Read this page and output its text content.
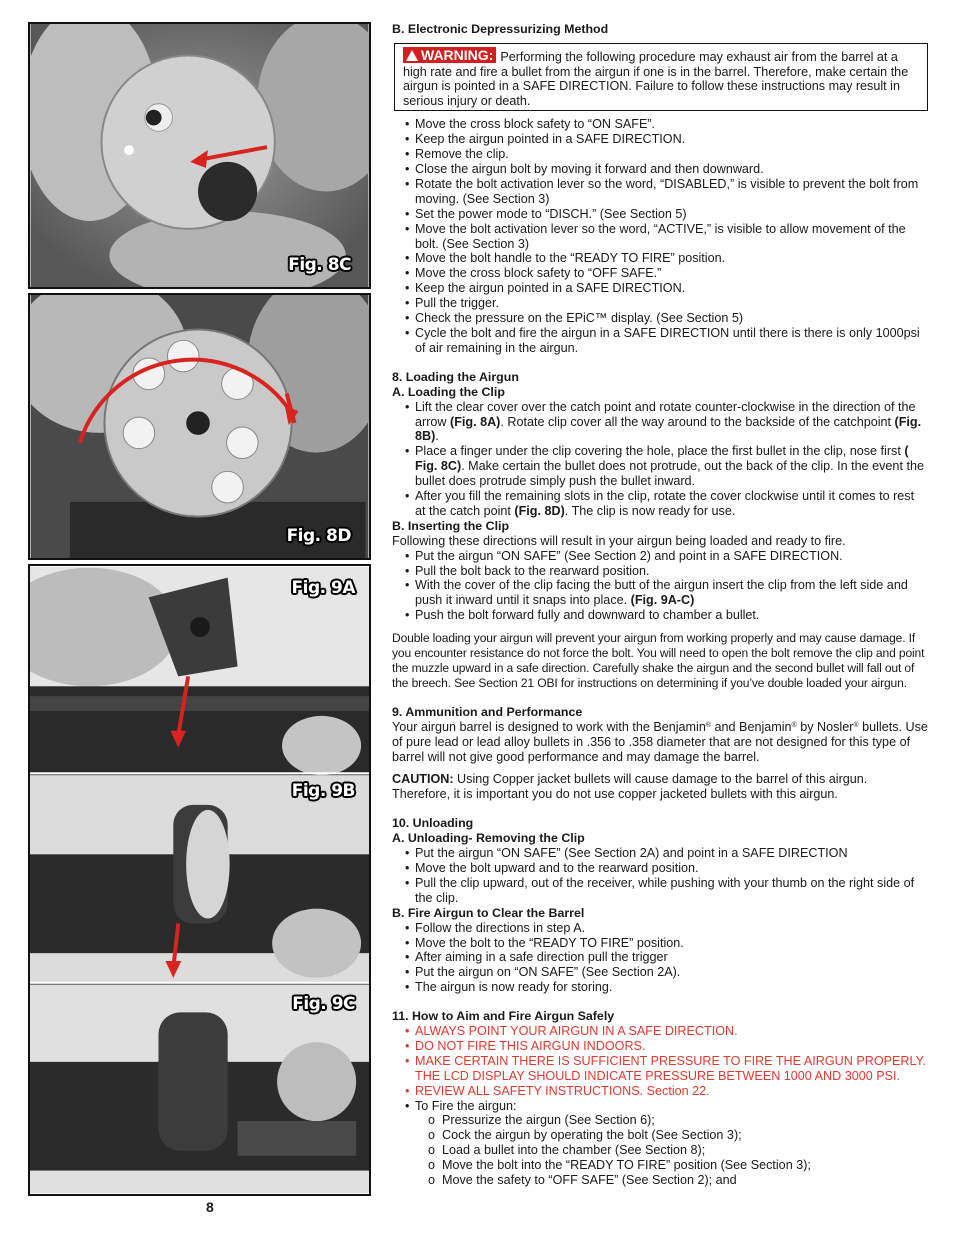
Fig. 8C
Fig. 8D
Fig. 9A
Fig. 9B
Fig. 9C
8
B. Electronic Depressurizing Method
WARNING: Performing the following procedure may exhaust air from the barrel at a high rate and fire a bullet from the airgun if one is in the barrel. Therefore, make certain the airgun is pointed in a SAFE DIRECTION. Failure to follow these instructions may result in serious injury or death.
• Move the cross block safety to “ON SAFE”.
• Keep the airgun pointed in a SAFE DIRECTION.
• Remove the clip.
• Close the airgun bolt by moving it forward and then downward.
• Rotate the bolt activation lever so the word, “DISABLED,” is visible to prevent the bolt from moving. (See Section 3)
• Set the power mode to “DISCH.” (See Section 5)
• Move the bolt activation lever so the word, “ACTIVE,” is visible to allow movement of the bolt. (See Section 3)
• Move the bolt handle to the “READY TO FIRE” position.
• Move the cross block safety to “OFF SAFE.”
• Keep the airgun pointed in a SAFE DIRECTION.
• Pull the trigger.
• Check the pressure on the EPiC™ display. (See Section 5)
• Cycle the bolt and fire the airgun in a SAFE DIRECTION until there is there is only 1000psi of air remaining in the airgun.
8. Loading the Airgun
A. Loading the Clip
• Lift the clear cover over the catch point and rotate counter-clockwise in the direction of the arrow (Fig. 8A). Rotate clip cover all the way around to the backside of the catchpoint (Fig. 8B).
• Place a finger under the clip covering the hole, place the first bullet in the clip, nose first ( Fig. 8C). Make certain the bullet does not protrude, out the back of the clip. In the event the bullet does protrude simply push the bullet inward.
• After you fill the remaining slots in the clip, rotate the cover clockwise until it comes to rest at the catch point (Fig. 8D). The clip is now ready for use.
B. Inserting the Clip
Following these directions will result in your airgun being loaded and ready to fire.
• Put the airgun “ON SAFE” (See Section 2) and point in a SAFE DIRECTION.
• Pull the bolt back to the rearward position.
• With the cover of the clip facing the butt of the airgun insert the clip from the left side and push it inward until it snaps into place. (Fig. 9A-C)
• Push the bolt forward fully and downward to chamber a bullet.
Double loading your airgun will prevent your airgun from working properly and may cause damage. If you encounter resistance do not force the bolt. You will need to open the bolt remove the clip and point the muzzle upward in a safe direction. Carefully shake the airgun and the second bullet will fall out of the breech. See Section 21 OBI for instructions on determining if you’ve double loaded your airgun.
9. Ammunition and Performance
Your airgun barrel is designed to work with the Benjamin® and Benjamin® by Nosler® bullets. Use of pure lead or lead alloy bullets in .356 to .358 diameter that are not designed for this type of barrel will not give good performance and may damage the barrel.
CAUTION: Using Copper jacket bullets will cause damage to the barrel of this airgun. Therefore, it is important you do not use copper jacketed bullets with this airgun.
10. Unloading
A. Unloading- Removing the Clip
• Put the airgun “ON SAFE” (See Section 2A) and point in a SAFE DIRECTION
• Move the bolt upward and to the rearward position.
• Pull the clip upward, out of the receiver, while pushing with your thumb on the right side of the clip.
B. Fire Airgun to Clear the Barrel
• Follow the directions in step A.
• Move the bolt to the “READY TO FIRE” position.
• After aiming in a safe direction pull the trigger
• Put the airgun on “ON SAFE” (See Section 2A).
• The airgun is now ready for storing.
11. How to Aim and Fire Airgun Safely
• ALWAYS POINT YOUR AIRGUN IN A SAFE DIRECTION.
• DO NOT FIRE THIS AIRGUN INDOORS.
• MAKE CERTAIN THERE IS SUFFICIENT PRESSURE TO FIRE THE AIRGUN PROPERLY. THE LCD DISPLAY SHOULD INDICATE PRESSURE BETWEEN 1000 AND 3000 PSI.
• REVIEW ALL SAFETY INSTRUCTIONS. Section 22.
• To Fire the airgun:
o Pressurize the airgun (See Section 6);
o Cock the airgun by operating the bolt (See Section 3);
o Load a bullet into the chamber (See Section 8);
o Move the bolt into the “READY TO FIRE” position (See Section 3);
o Move the safety to “OFF SAFE” (See Section 2); and
